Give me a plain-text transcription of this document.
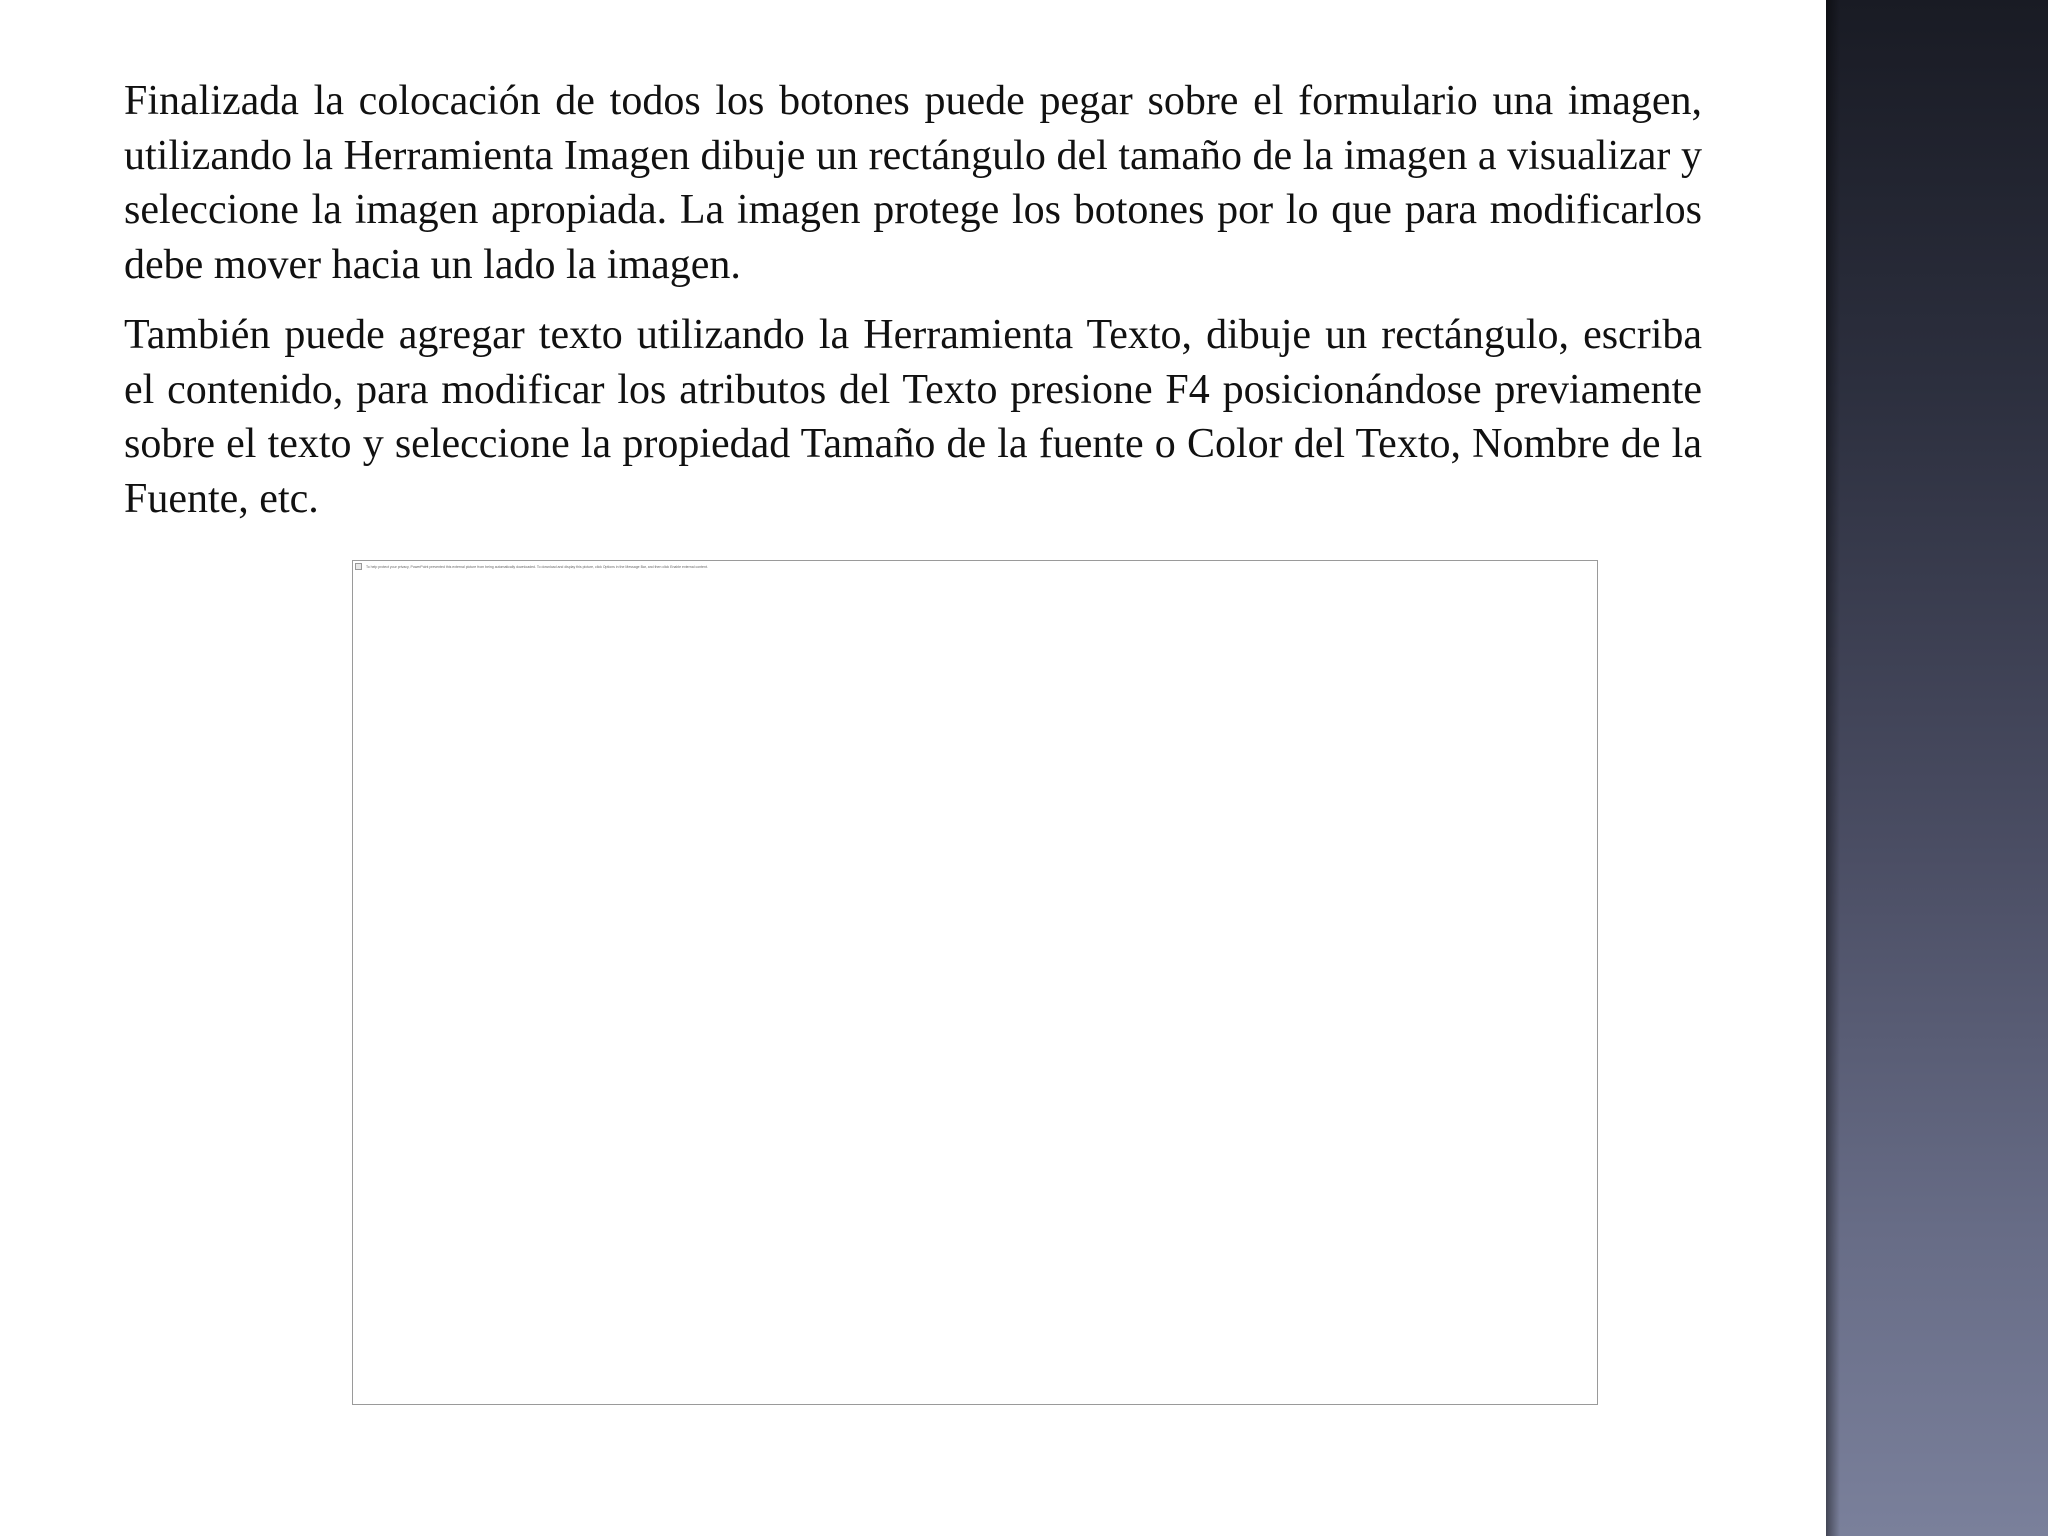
Finalizada la colocación de todos los botones puede pegar sobre el formulario una imagen, utilizando la Herramienta Imagen dibuje un rectángulo del tamaño de la imagen a visualizar y seleccione la imagen apropiada. La imagen protege los botones por lo que para modificarlos debe mover hacia un lado la imagen.

También puede agregar texto utilizando la Herramienta Texto, dibuje un rectángulo, escriba el contenido, para modificar los atributos del Texto presione F4 posicionándose previamente sobre el texto y seleccione la propiedad Tamaño de la fuente o Color del Texto, Nombre de la Fuente, etc.

To help protect your privacy, PowerPoint prevented this external picture from being automatically downloaded. To download and display this picture, click Options in the Message Bar, and then click Enable external content.
